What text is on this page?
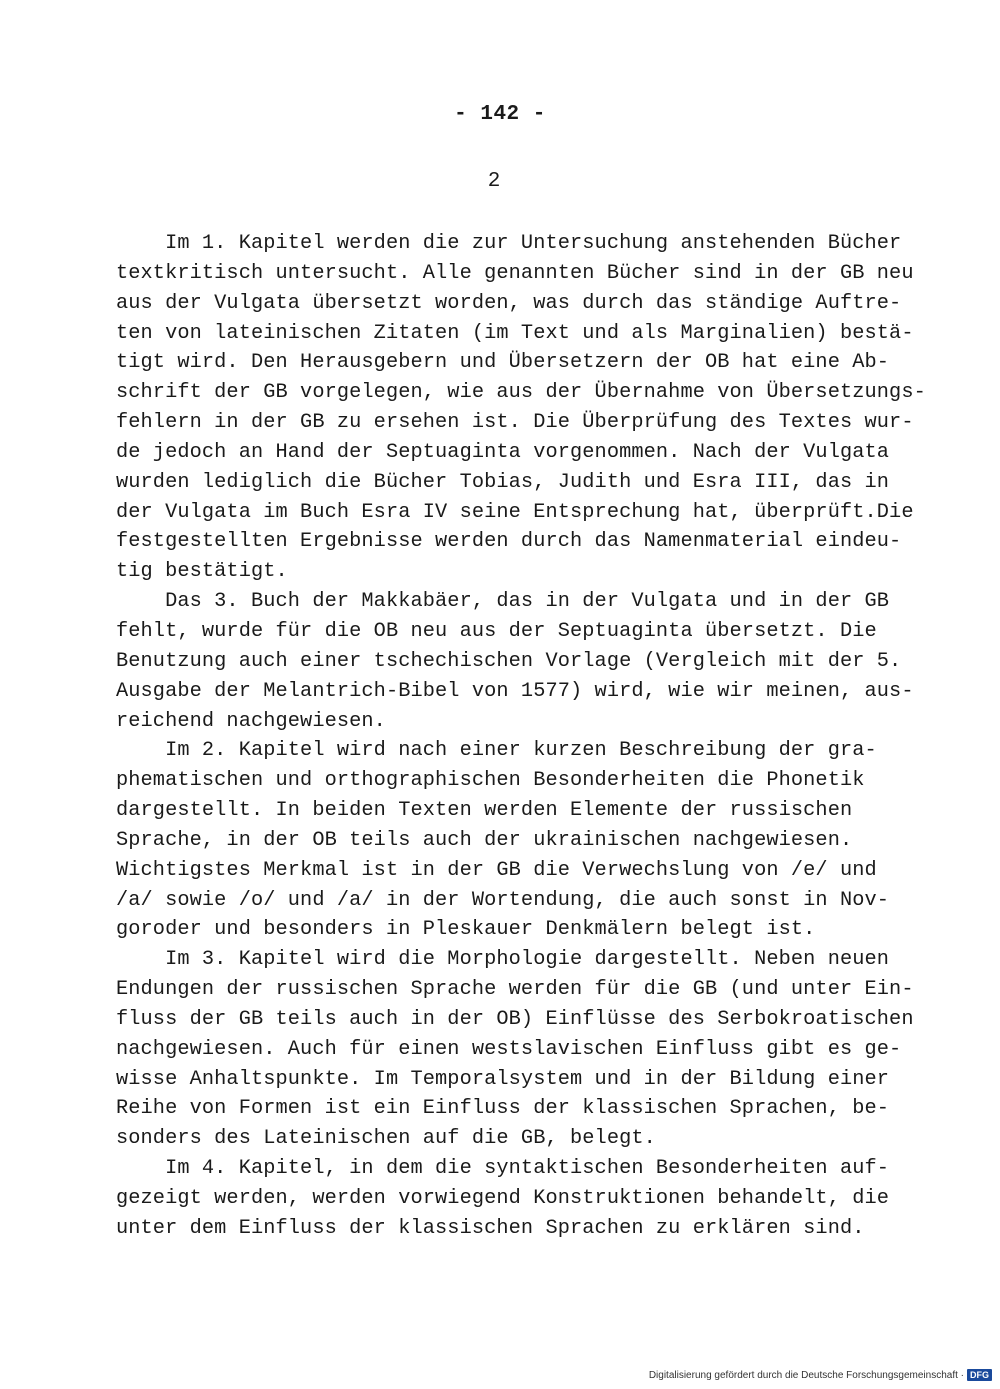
- 142 -
2
Im 1. Kapitel werden die zur Untersuchung anstehenden Bücher
textkritisch untersucht. Alle genannten Bücher sind in der GB neu
aus der Vulgata übersetzt worden, was durch das ständige Auftre-
ten von lateinischen Zitaten (im Text und als Marginalien) bestä-
tigt wird. Den Herausgebern und Übersetzern der OB hat eine Ab-
schrift der GB vorgelegen, wie aus der Übernahme von Übersetzungs-
fehlern in der GB zu ersehen ist. Die Überprüfung des Textes wur-
de jedoch an Hand der Septuaginta vorgenommen. Nach der Vulgata
wurden lediglich die Bücher Tobias, Judith und Esra III, das in
der Vulgata im Buch Esra IV seine Entsprechung hat, überprüft.Die
festgestellten Ergebnisse werden durch das Namenmaterial eindeu-
tig bestätigt.
Das 3. Buch der Makkabäer, das in der Vulgata und in der GB
fehlt, wurde für die OB neu aus der Septuaginta übersetzt. Die
Benutzung auch einer tschechischen Vorlage (Vergleich mit der 5.
Ausgabe der Melantrich-Bibel von 1577) wird, wie wir meinen, aus-
reichend nachgewiesen.
Im 2. Kapitel wird nach einer kurzen Beschreibung der gra-
phematischen und orthographischen Besonderheiten die Phonetik
dargestellt. In beiden Texten werden Elemente der russischen
Sprache, in der OB teils auch der ukrainischen nachgewiesen.
Wichtigstes Merkmal ist in der GB die Verwechslung von /e/ und
/a/ sowie /o/ und /a/ in der Wortendung, die auch sonst in Nov-
goroder und besonders in Pleskauer Denkmälern belegt ist.
Im 3. Kapitel wird die Morphologie dargestellt. Neben neuen
Endungen der russischen Sprache werden für die GB (und unter Ein-
fluss der GB teils auch in der OB) Einflüsse des Serbokroatischen
nachgewiesen. Auch für einen westslavischen Einfluss gibt es ge-
wisse Anhaltspunkte. Im Temporalsystem und in der Bildung einer
Reihe von Formen ist ein Einfluss der klassischen Sprachen, be-
sonders des Lateinischen auf die GB, belegt.
Im 4. Kapitel, in dem die syntaktischen Besonderheiten auf-
gezeigt werden, werden vorwiegend Konstruktionen behandelt, die
unter dem Einfluss der klassischen Sprachen zu erklären sind.
Digitalisierung gefördert durch die Deutsche Forschungsgemeinschaft · DFG
